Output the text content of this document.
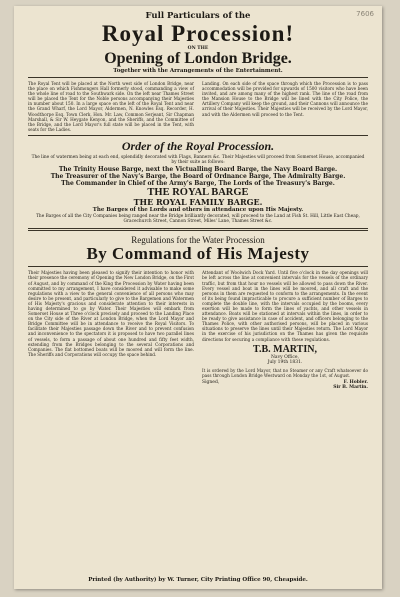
7606
Full Particulars of the
Royal Procession!
ON THE
Opening of London Bridge.
Together with the Arrangements of the Entertainment.
The Royal Tent will be placed at the North west side of London Bridge, near the place on which Fishmongers Hall formerly stood, commanding a view of the whole line of road to the Southwark side. On the left near Thames Street will be placed the Tent for the Noble persons accompanying their Majesties in number about 150. In a large space on the left of the Royal Tent and near the Grand Wharf, the Lord Mayor, Aldermen, N. Knowles Esq. Recorder, H. Woodthorpe Esq. Town Clerk, Hon. Mr. Law, Common Serjeant, Sir Chapman Marshall, & Sir W. Heygate Kenyon, and the Sheriffs, and the Committee of the Bridge, and the Lord Mayor's full state will be placed in the Tent, with seats for the Ladies.
Landing. On each side of the space through which the Procession is to pass accommodation will be provided for upwards of 1500 visitors who have been invited, and are among many of the highest rank. The line of the road from the Mansion House to the Bridge will be lined with the City Police, the Artillery Company will keep the ground, and their Cannons will announce the arrival of their Majesties. Their Majesties will be received by the Lord Mayor, and with the Aldermen will proceed to the Tent.
Order of the Royal Procession.
The line of watermen being at each end, splendidly decorated with Flags, Banners &c. Their Majesties will proceed from Somerset House, accompanied by their suite as follows:
The Trinity House Barge, next the Victualling Board Barge, the Navy Board Barge.
The Treasurer of the Navy's Barge, the Board of Ordnance Barge, The Admiralty Barge.
The Commander in Chief of the Army's Barge, The Lords of the Treasury's Barge.
THE ROYAL BARGE
THE ROYAL FAMILY BARGE.
The Barges of the Lords and others in attendance upon His Majesty.
The Barges of all the City Companies being ranged near the Bridge brilliantly decorated, will proceed to the Land at Fish St. Hill, Little East Cheap, Gracechurch Street, Cannon Street, Miles' Lane, Thames Street &c.
Regulations for the Water Procession
By Command of His Majesty
Their Majesties having been pleased to signify their intention to honor with their presence the ceremony of Opening the New London Bridge, on the First of August, and by command of the King the Procession by Water having been committed to my arrangement, I have considered it advisable to make some regulations with a view to the general convenience of all persons who may desire to be present, and particularly to give to the Bargemen and Watermen of His Majesty's gracious and considerate attention to their interests in having determined to go by Water. Their Majesties will embark from Somerset House at Three o'clock precisely and proceed to the Landing Place on the City side of the River at London Bridge, when the Lord Mayor and Bridge Committee will be in attendance to receive the Royal Visitors. To facilitate their Majesties passage down the River and to prevent confusion and inconvenience to the spectators it is proposed to have two parallel lines of vessels, to form a passage of about one hundred and fifty feet width, extending from the Bridges belonging to the several Corporations and Companies. The flat bottomed boats will be moored and will form the line. The Sheriffs and Corporations will occupy the space behind.
Attendant of Woolwich Dock Yard. Until five o'clock in the day openings will be left across the line at convenient intervals for the vessels of the ordinary traffic, but from that hour no vessels will be allowed to pass down the River. Every vessel and boat in the lines will be moored, and all craft and the persons in them are requested to conform to the arrangements. In the event of its being found impracticable to procure a sufficient number of Barges to complete the double line, with the intervals occupied by the booms, every exertion will be made to form the lines of yachts, and other vessels in attendance. Boats will be stationed at intervals within the lines, in order to be ready to give assistance in case of accident, and officers belonging to the Thames Police, with other authorised persons, will be placed in various situations to preserve the lines until their Majesties return. The Lord Mayor in the exercise of his jurisdiction on the Thames has given the requisite directions for securing a compliance with these regulations.
T.B. MARTIN,
Navy Office,
July 19th 1831.
It is ordered by the Lord Mayor, that no Steamer or any Craft whatsoever do pass through London Bridge Westward on Monday the 1st, of August.
Signed,	F. Hobler.
Sir B. Martin.
Printed (by Authority) by W. Turner, City Printing Office 90, Cheapside.
